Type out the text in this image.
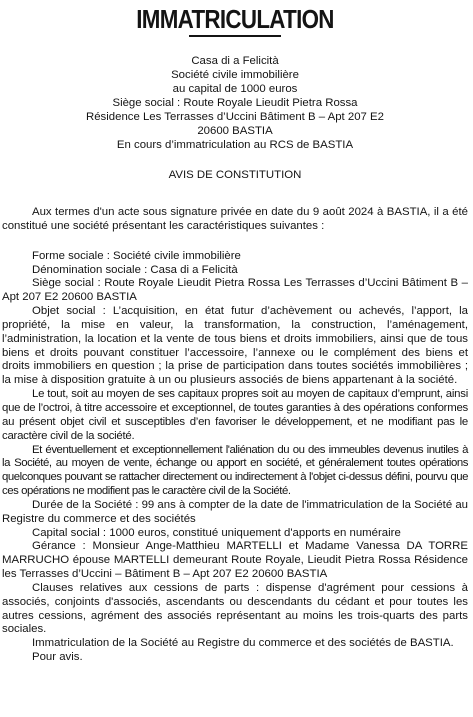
IMMATRICULATION
Casa di a Felicità
Société civile immobilière
au capital de 1000 euros
Siège social : Route Royale Lieudit Pietra Rossa
Résidence Les Terrasses d’Uccini Bâtiment B – Apt 207 E2
20600 BASTIA
En cours d’immatriculation au RCS de BASTIA
AVIS DE CONSTITUTION

Aux termes d'un acte sous signature privée en date du 9 août 2024 à BASTIA, il a été constitué une société présentant les caractéristiques suivantes :

Forme sociale : Société civile immobilière

Dénomination sociale : Casa di a Felicità

Siège social : Route Royale Lieudit Pietra Rossa Les Terrasses d’Uccini Bâtiment B – Apt 207 E2 20600 BASTIA

Objet social : L’acquisition, en état futur d’achèvement ou achevés, l’apport, la propriété, la mise en valeur, la transformation, la construction, l’aménagement, l’administration, la location et la vente de tous biens et droits immobiliers, ainsi que de tous biens et droits pouvant constituer l’accessoire, l’annexe ou le complément des biens et droits immobiliers en question ; la prise de participation dans toutes sociétés immobilières ; la mise à disposition gratuite à un ou plusieurs associés de biens appartenant à la société.

Le tout, soit au moyen de ses capitaux propres soit au moyen de capitaux d’emprunt, ainsi que de l’octroi, à titre accessoire et exceptionnel, de toutes garanties à des opérations conformes au présent objet civil et susceptibles d’en favoriser le développement, et ne modifiant pas le caractère civil de la société.

Et éventuellement et exceptionnellement l'aliénation du ou des immeubles devenus inutiles à la Société, au moyen de vente, échange ou apport en société, et généralement toutes opérations quelconques pouvant se rattacher directement ou indirectement à l'objet ci-dessus défini, pourvu que ces opérations ne modifient pas le caractère civil de la Société.

Durée de la Société : 99 ans à compter de la date de l'immatriculation de la Société au Registre du commerce et des sociétés

Capital social : 1000 euros, constitué uniquement d'apports en numéraire

Gérance : Monsieur Ange-Matthieu MARTELLI et Madame Vanessa DA TORRE MARRUCHO épouse MARTELLI demeurant Route Royale, Lieudit Pietra Rossa Résidence les Terrasses d’Uccini – Bâtiment B – Apt 207 E2 20600 BASTIA

Clauses relatives aux cessions de parts : dispense d'agrément pour cessions à associés, conjoints d'associés, ascendants ou descendants du cédant et pour toutes les autres cessions, agrément des associés représentant au moins les trois-quarts des parts sociales.

Immatriculation de la Société au Registre du commerce et des sociétés de BASTIA.

Pour avis.
